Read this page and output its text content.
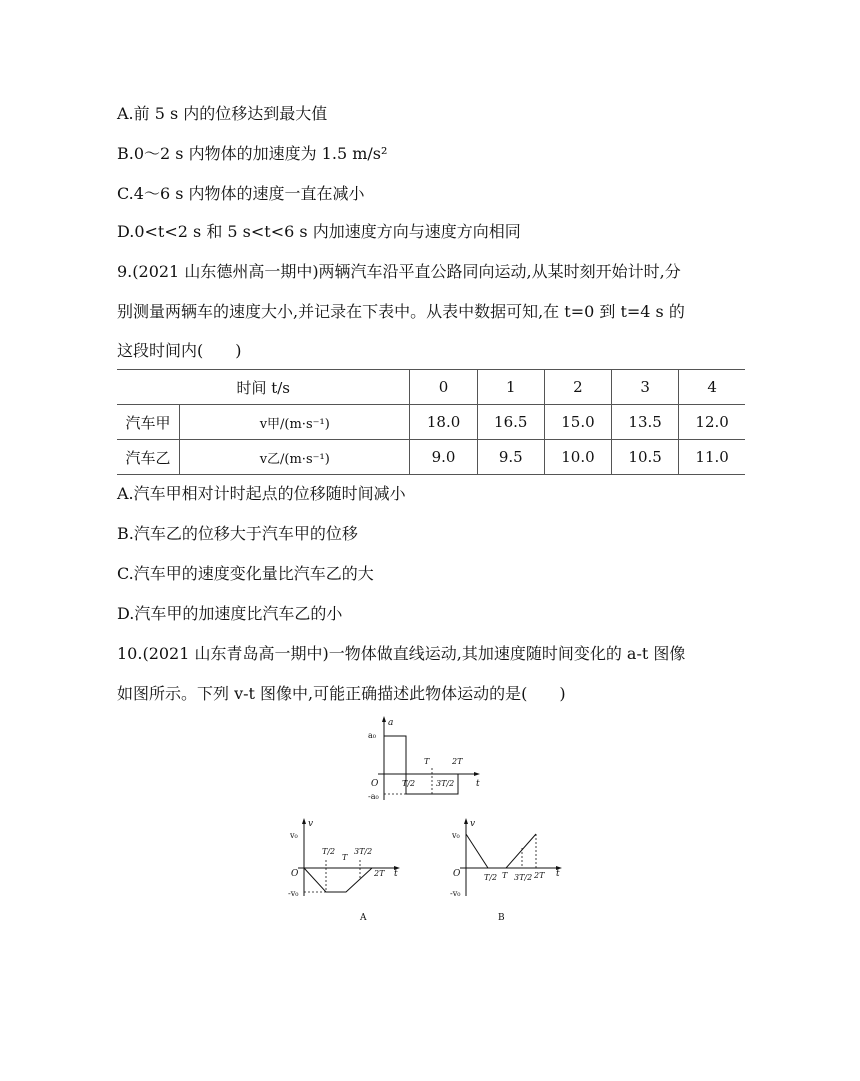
A.前 5 s 内的位移达到最大值
B.0～2 s 内物体的加速度为 1.5 m/s²
C.4～6 s 内物体的速度一直在减小
D.0<t<2 s 和 5 s<t<6 s 内加速度方向与速度方向相同
9.(2021 山东德州高一期中)两辆汽车沿平直公路同向运动,从某时刻开始计时,分
别测量两辆车的速度大小,并记录在下表中。从表中数据可知,在 t=0 到 t=4 s 的
这段时间内(　　)
时间 t/s		0	1	2	3	4
汽车甲	v甲/(m·s⁻¹)	18.0	16.5	15.0	13.5	12.0
汽车乙	v乙/(m·s⁻¹)	9.0	9.5	10.0	10.5	11.0
A.汽车甲相对计时起点的位移随时间减小
B.汽车乙的位移大于汽车甲的位移
C.汽车甲的速度变化量比汽车乙的大
D.汽车甲的加速度比汽车乙的小
10.(2021 山东青岛高一期中)一物体做直线运动,其加速度随时间变化的 a-t 图像
如图所示。下列 v-t 图像中,可能正确描述此物体运动的是(　　)
a
t
O
a₀
-a₀
T/2
T
3T/2
2T
v
t
O
v₀
-v₀
T/2
T
3T/2
2T
A
v
t
O
v₀
-v₀
T/2 T 3T/2 2T
B
